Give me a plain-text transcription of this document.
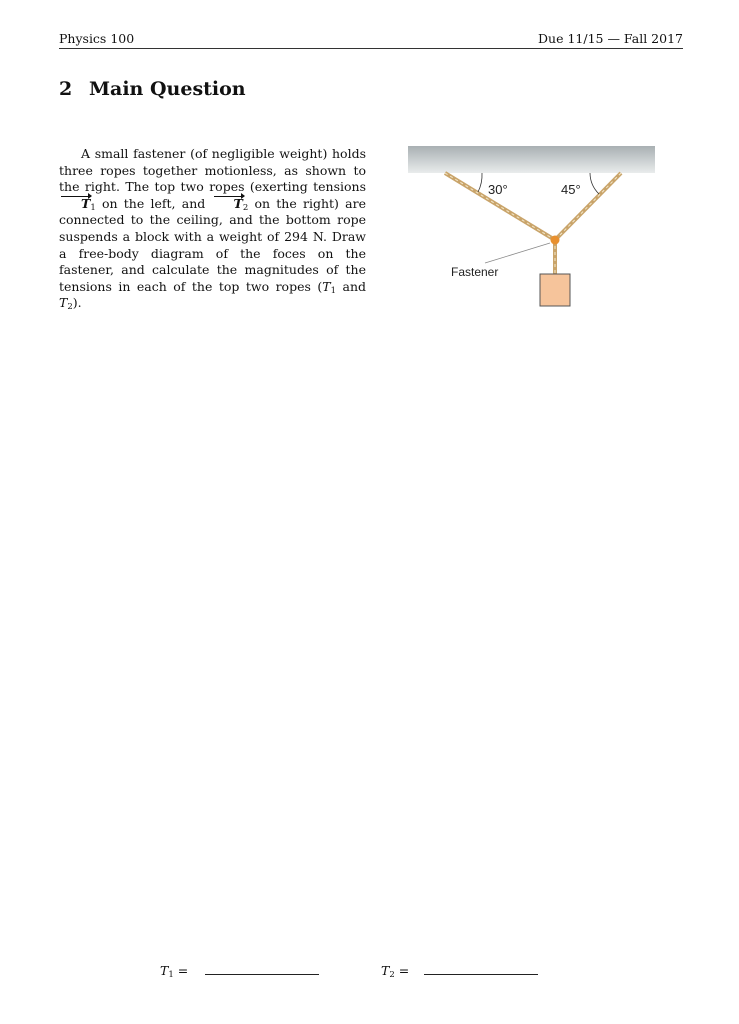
Physics 100	Due 11/15 — Fall 2017
2 Main Question

A small fastener (of negligible weight) holds three ropes together motionless, as shown to the right. The top two ropes (exerting tensions $T_1$ on the left, and $T_2$ on the right) are connected to the ceiling, and the bottom rope suspends a block with a weight of 294 N. Draw a free-body diagram of the foces on the fastener, and calculate the magnitudes of the tensions in each of the top two ropes ($T_1$ and $T_2$).

30°	45°
Fastener
$T_1$ =	$T_2$ =
